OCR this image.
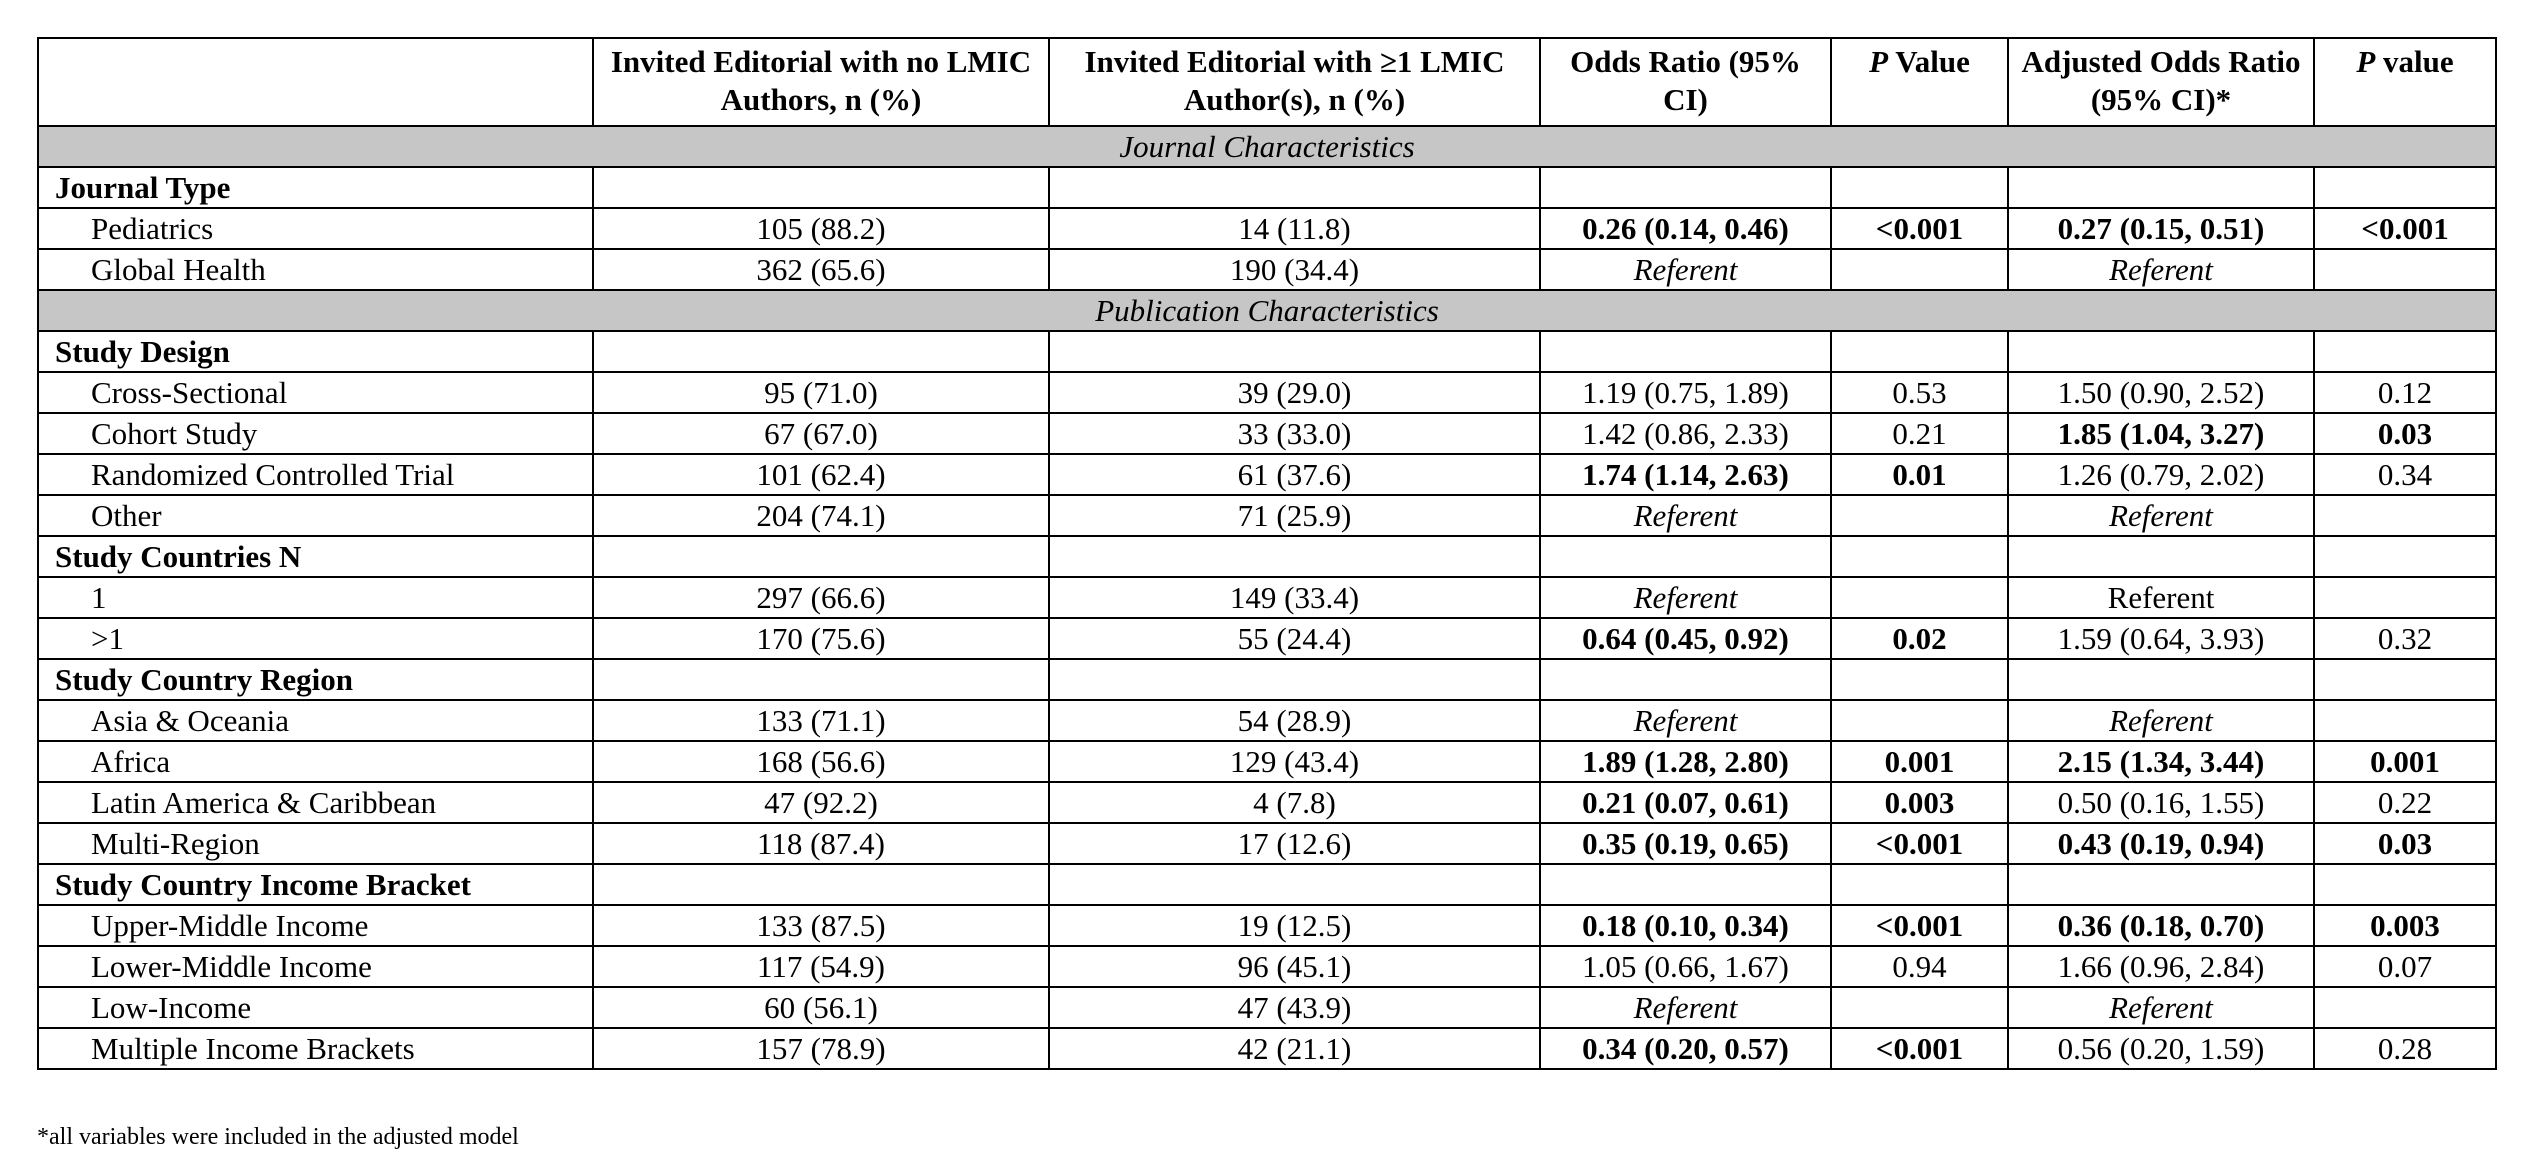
	Invited Editorial with no LMIC Authors, n (%)	Invited Editorial with ≥1 LMIC Author(s), n (%)	Odds Ratio (95% CI)	P Value	Adjusted Odds Ratio (95% CI)*	P value
Journal Characteristics						
Journal Type						
Pediatrics	105 (88.2)	14 (11.8)	0.26 (0.14, 0.46)	<0.001	0.27 (0.15, 0.51)	<0.001
Global Health	362 (65.6)	190 (34.4)	Referent		Referent	
Publication Characteristics						
Study Design						
Cross-Sectional	95 (71.0)	39 (29.0)	1.19 (0.75, 1.89)	0.53	1.50 (0.90, 2.52)	0.12
Cohort Study	67 (67.0)	33 (33.0)	1.42 (0.86, 2.33)	0.21	1.85 (1.04, 3.27)	0.03
Randomized Controlled Trial	101 (62.4)	61 (37.6)	1.74 (1.14, 2.63)	0.01	1.26 (0.79, 2.02)	0.34
Other	204 (74.1)	71 (25.9)	Referent		Referent	
Study Countries N						
1	297 (66.6)	149 (33.4)	Referent		Referent	
>1	170 (75.6)	55 (24.4)	0.64 (0.45, 0.92)	0.02	1.59 (0.64, 3.93)	0.32
Study Country Region						
Asia & Oceania	133 (71.1)	54 (28.9)	Referent		Referent	
Africa	168 (56.6)	129 (43.4)	1.89 (1.28, 2.80)	0.001	2.15 (1.34, 3.44)	0.001
Latin America & Caribbean	47 (92.2)	4 (7.8)	0.21 (0.07, 0.61)	0.003	0.50 (0.16, 1.55)	0.22
Multi-Region	118 (87.4)	17 (12.6)	0.35 (0.19, 0.65)	<0.001	0.43 (0.19, 0.94)	0.03
Study Country Income Bracket						
Upper-Middle Income	133 (87.5)	19 (12.5)	0.18 (0.10, 0.34)	<0.001	0.36 (0.18, 0.70)	0.003
Lower-Middle Income	117 (54.9)	96 (45.1)	1.05 (0.66, 1.67)	0.94	1.66 (0.96, 2.84)	0.07
Low-Income	60 (56.1)	47 (43.9)	Referent		Referent	
Multiple Income Brackets	157 (78.9)	42 (21.1)	0.34 (0.20, 0.57)	<0.001	0.56 (0.20, 1.59)	0.28
*all variables were included in the adjusted model
